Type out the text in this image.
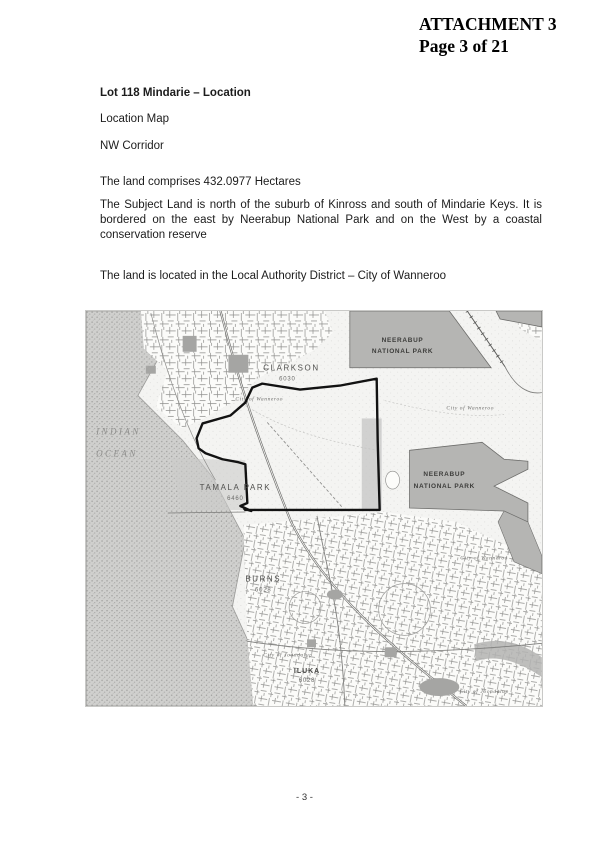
ATTACHMENT 3
Page 3 of 21

Lot 118 Mindarie – Location

Location Map

NW Corridor

The land comprises 432.0977 Hectares

The Subject Land is north of the suburb of Kinross and south of Mindarie Keys. It is bordered on the east by Neerabup National Park and on the West by a coastal conservation reserve

The land is located in the Local Authority District – City of Wanneroo

INDIAN
OCEAN
CLARKSON
6030
NEERABUP
NATIONAL PARK
NEERABUP
NATIONAL PARK
TAMALA PARK
6460
BURNS
6028
ILUKA
6028
City of Wanneroo
City of Wanneroo
City of Wanneroo
City of Joondalup
City of Joondalup
- 3 -
